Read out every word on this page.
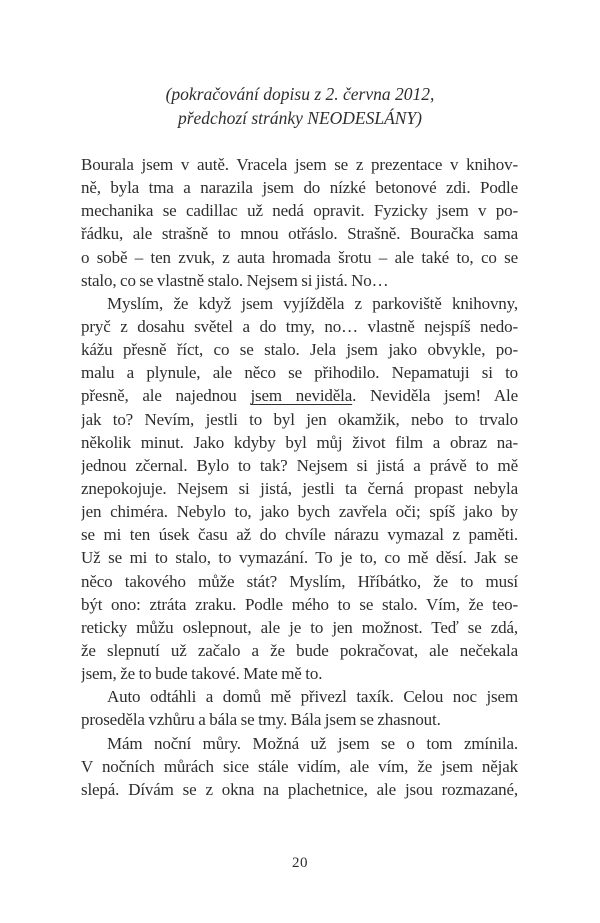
(pokračování dopisu z 2. června 2012,
předchozí stránky NEODESLÁNY)
Bourala jsem v autě. Vracela jsem se z prezentace v knihov-
ně, byla tma a narazila jsem do nízké betonové zdi. Podle
mechanika se cadillac už nedá opravit. Fyzicky jsem v po-
řádku, ale strašně to mnou otřáslo. Strašně. Bouračka sama
o sobě – ten zvuk, z auta hromada šrotu – ale také to, co se
stalo, co se vlastně stalo. Nejsem si jistá. No…
Myslím, že když jsem vyjížděla z parkoviště knihovny,
pryč z dosahu světel a do tmy, no… vlastně nejspíš nedo-
kážu přesně říct, co se stalo. Jela jsem jako obvykle, po-
malu a plynule, ale něco se přihodilo. Nepamatuji si to
přesně, ale najednou jsem neviděla. Neviděla jsem! Ale
jak to? Nevím, jestli to byl jen okamžik, nebo to trvalo
několik minut. Jako kdyby byl můj život film a obraz na-
jednou zčernal. Bylo to tak? Nejsem si jistá a právě to mě
znepokojuje. Nejsem si jistá, jestli ta černá propast nebyla
jen chiméra. Nebylo to, jako bych zavřela oči; spíš jako by
se mi ten úsek času až do chvíle nárazu vymazal z paměti.
Už se mi to stalo, to vymazání. To je to, co mě děsí. Jak se
něco takového může stát? Myslím, Hříbátko, že to musí
být ono: ztráta zraku. Podle mého to se stalo. Vím, že teo-
reticky můžu oslepnout, ale je to jen možnost. Teď se zdá,
že slepnutí už začalo a že bude pokračovat, ale nečekala
jsem, že to bude takové. Mate mě to.
Auto odtáhli a domů mě přivezl taxík. Celou noc jsem
proseděla vzhůru a bála se tmy. Bála jsem se zhasnout.
Mám noční můry. Možná už jsem se o tom zmínila.
V nočních můrách sice stále vidím, ale vím, že jsem nějak
slepá. Dívám se z okna na plachetnice, ale jsou rozmazané,
20
